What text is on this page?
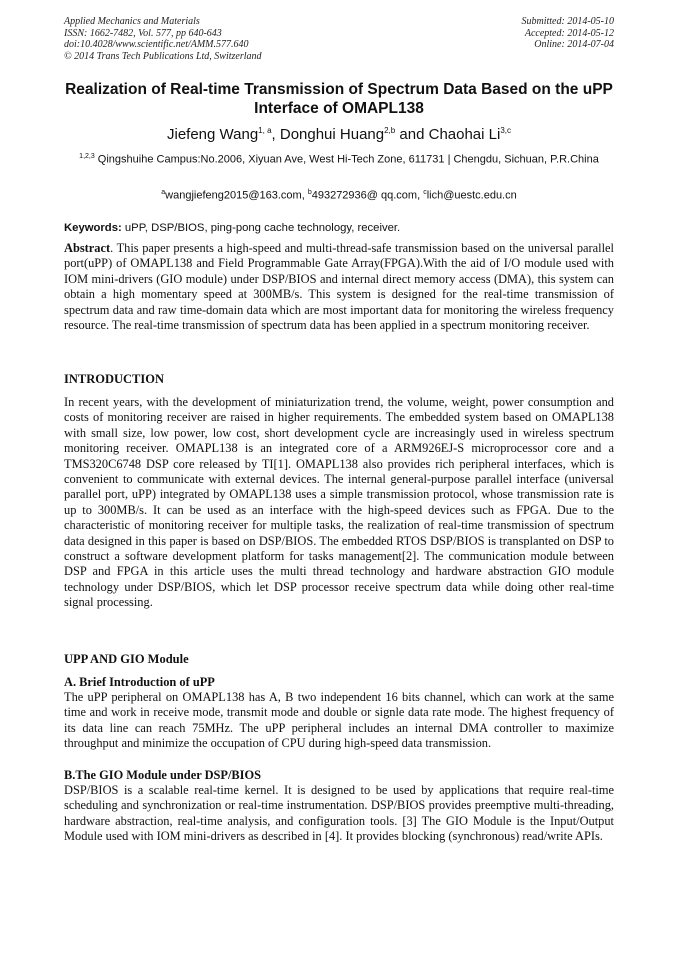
Applied Mechanics and Materials
ISSN: 1662-7482, Vol. 577, pp 640-643
doi:10.4028/www.scientific.net/AMM.577.640
© 2014 Trans Tech Publications Ltd, Switzerland
Submitted: 2014-05-10
Accepted: 2014-05-12
Online: 2014-07-04
Realization of Real-time Transmission of Spectrum Data Based on the uPP Interface of OMAPL138
Jiefeng Wang$^{1, a}$, Donghui Huang$^{2,b}$ and Chaohai Li$^{3,c}$
$^{1,2,3}$ Qingshuihe Campus:No.2006, Xiyuan Ave, West Hi-Tech Zone, 611731 | Chengdu, Sichuan, P.R.China
$^a$wangjiefeng2015@163.com, $^b$493272936@ qq.com, $^c$lich@uestc.edu.cn
Keywords: uPP, DSP/BIOS, ping-pong cache technology, receiver.
Abstract. This paper presents a high-speed and multi-thread-safe transmission based on the universal parallel port(uPP) of OMAPL138 and Field Programmable Gate Array(FPGA).With the aid of I/O module used with IOM mini-drivers (GIO module) under DSP/BIOS and internal direct memory access (DMA), this system can obtain a high momentary speed at 300MB/s. This system is designed for the real-time transmission of spectrum data and raw time-domain data which are most important data for monitoring the wireless frequency resource. The real-time transmission of spectrum data has been applied in a spectrum monitoring receiver.
INTRODUCTION
In recent years, with the development of miniaturization trend, the volume, weight, power consumption and costs of monitoring receiver are raised in higher requirements. The embedded system based on OMAPL138 with small size, low power, low cost, short development cycle are increasingly used in wireless spectrum monitoring receiver. OMAPL138 is an integrated core of a ARM926EJ-S microprocessor core and a TMS320C6748 DSP core released by TI[1]. OMAPL138 also provides rich peripheral interfaces, which is convenient to communicate with external devices. The internal general-purpose parallel interface (universal parallel port, uPP) integrated by OMAPL138 uses a simple transmission protocol, whose transmission rate is up to 300MB/s. It can be used as an interface with the high-speed devices such as FPGA. Due to the characteristic of monitoring receiver for multiple tasks, the realization of real-time transmission of spectrum data designed in this paper is based on DSP/BIOS. The embedded RTOS DSP/BIOS is transplanted on DSP to construct a software development platform for tasks management[2]. The communication module between DSP and FPGA in this article uses the multi thread technology and hardware abstraction GIO module technology under DSP/BIOS, which let DSP processor receive spectrum data while doing other real-time signal processing.
UPP AND GIO Module
A. Brief Introduction of uPP
The uPP peripheral on OMAPL138 has A, B two independent 16 bits channel, which can work at the same time and work in receive mode, transmit mode and double or signle data rate mode. The highest frequency of its data line can reach 75MHz. The uPP peripheral includes an internal DMA controller to maximize throughput and minimize the occupation of CPU during high-speed data transmission.
B.The GIO Module under DSP/BIOS
DSP/BIOS is a scalable real-time kernel. It is designed to be used by applications that require real-time scheduling and synchronization or real-time instrumentation. DSP/BIOS provides preemptive multi-threading, hardware abstraction, real-time analysis, and configuration tools. [3] The GIO Module is the Input/Output Module used with IOM mini-drivers as described in [4]. It provides blocking (synchronous) read/write APIs.
